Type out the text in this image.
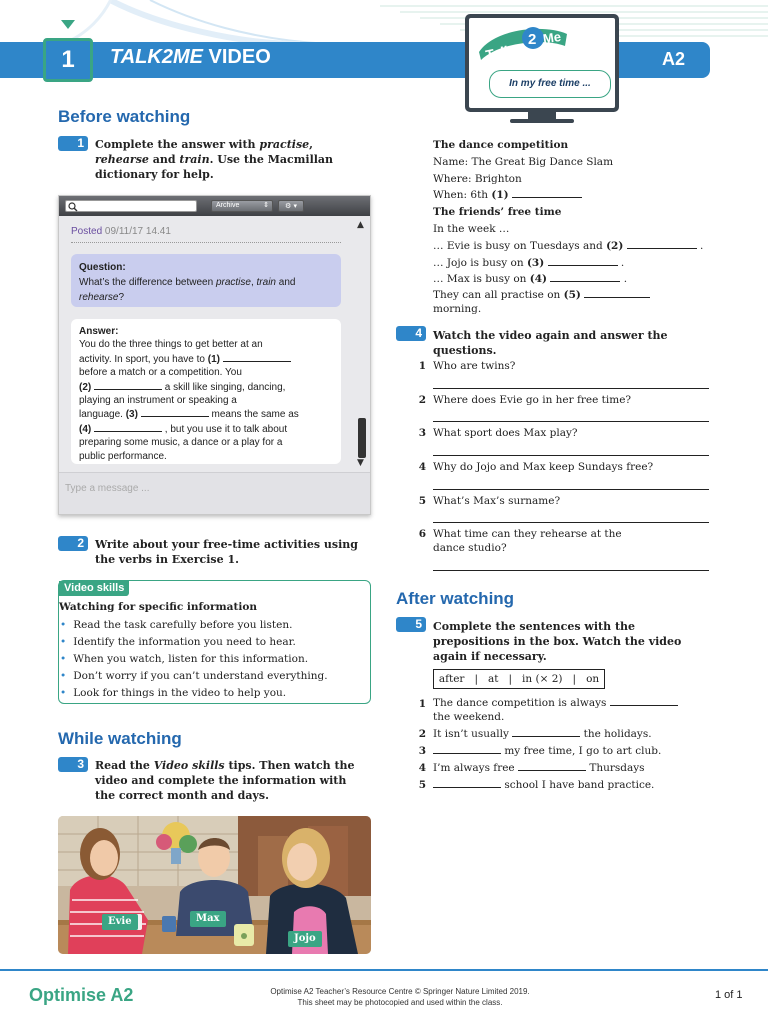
1	TALK2ME VIDEO	A2
Talk
2 Me
In my free time ...
Before watching
1	Complete the answer with practise, rehearse and train. Use the Macmillan dictionary for help.
Archive	⇕	⚙ ▾
Posted 09/11/17 14.41
Question:
What’s the difference between practise, train and rehearse?
Answer:
You do the three things to get better at an
activity. In sport, you have to (1)
before a match or a competition. You
(2)	a skill like singing, dancing,
playing an instrument or speaking a
language. (3)	means the same as
(4)	, but you use it to talk about
preparing some music, a dance or a play for a
public performance.
▲
▼
Type a message ...
2	Write about your free-time activities using the verbs in Exercise 1.
Video skills
Watching for specific information
• Read the task carefully before you listen.
• Identify the information you need to hear.
• When you watch, listen for this information.
• Don’t worry if you can’t understand everything.
• Look for things in the video to help you.
While watching
3	Read the Video skills tips. Then watch the video and complete the information with the correct month and days.
Evie	Max
Jojo
The dance competition
Name: The Great Big Dance Slam
Where: Brighton
When: 6th (1)
The friends’ free time
In the week …
… Evie is busy on Tuesdays and (2)	.
… Jojo is busy on (3)	.
… Max is busy on (4)	.
They can all practise on (5)
morning.
4	Watch the video again and answer the questions.
1 Who are twins?
2 Where does Evie go in her free time?
3 What sport does Max play?
4 Why do Jojo and Max keep Sundays free?
5 What’s Max’s surname?
6 What time can they rehearse at the dance studio?
After watching
5	Complete the sentences with the prepositions in the box. Watch the video again if necessary.
after   |   at   |   in (× 2)   |   on
1 The dance competition is always
the weekend.
2 It isn’t usually	the holidays.
3	my free time, I go to art club.
4 I’m always free	Thursdays
5	school I have band practice.
Optimise A2	Optimise A2 Teacher’s Resource Centre © Springer Nature Limited 2019.
This sheet may be photocopied and used within the class.
1 of 1
